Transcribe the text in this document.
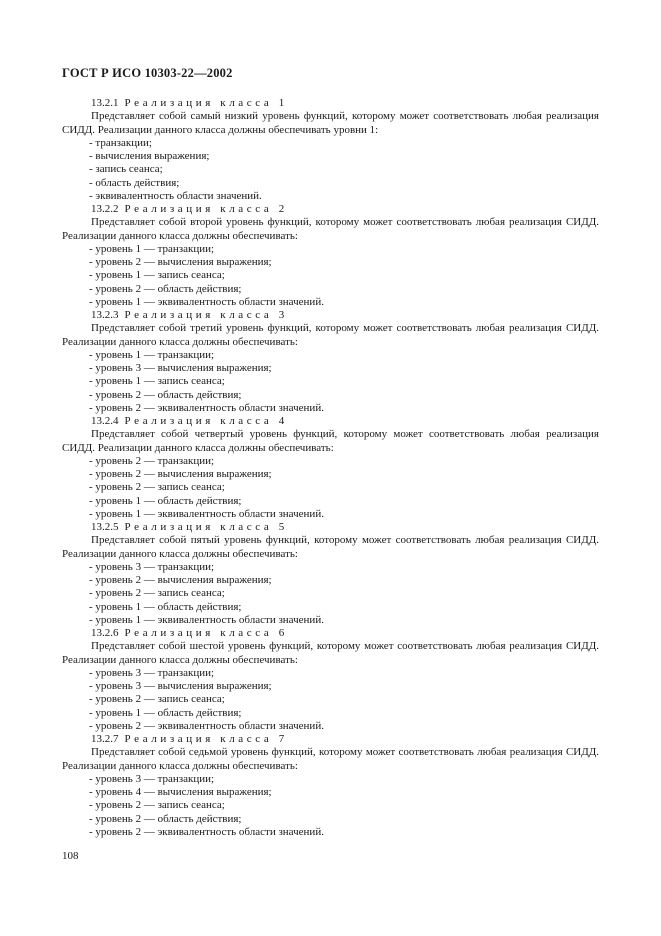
ГОСТ Р ИСО 10303-22—2002
13.2.1 Реализация класса 1

Представляет собой самый низкий уровень функций, которому может соответствовать любая реализация СИДД. Реализации данного класса должны обеспечивать уровни 1:

- транзакции;
- вычисления выражения;
- запись сеанса;
- область действия;
- эквивалентность области значений.
13.2.2 Реализация класса 2

Представляет собой второй уровень функций, которому может соответствовать любая реализация СИДД. Реализации данного класса должны обеспечивать:

- уровень 1 — транзакции;
- уровень 2 — вычисления выражения;
- уровень 1 — запись сеанса;
- уровень 2 — область действия;
- уровень 1 — эквивалентность области значений.
13.2.3 Реализация класса 3

Представляет собой третий уровень функций, которому может соответствовать любая реализация СИДД. Реализации данного класса должны обеспечивать:

- уровень 1 — транзакции;
- уровень 3 — вычисления выражения;
- уровень 1 — запись сеанса;
- уровень 2 — область действия;
- уровень 2 — эквивалентность области значений.
13.2.4 Реализация класса 4

Представляет собой четвертый уровень функций, которому может соответствовать любая реализация СИДД. Реализации данного класса должны обеспечивать:

- уровень 2 — транзакции;
- уровень 2 — вычисления выражения;
- уровень 2 — запись сеанса;
- уровень 1 — область действия;
- уровень 1 — эквивалентность области значений.
13.2.5 Реализация класса 5

Представляет собой пятый уровень функций, которому может соответствовать любая реализация СИДД. Реализации данного класса должны обеспечивать:

- уровень 3 — транзакции;
- уровень 2 — вычисления выражения;
- уровень 2 — запись сеанса;
- уровень 1 — область действия;
- уровень 1 — эквивалентность области значений.
13.2.6 Реализация класса 6

Представляет собой шестой уровень функций, которому может соответствовать любая реализация СИДД. Реализации данного класса должны обеспечивать:

- уровень 3 — транзакции;
- уровень 3 — вычисления выражения;
- уровень 2 — запись сеанса;
- уровень 1 — область действия;
- уровень 2 — эквивалентность области значений.
13.2.7 Реализация класса 7

Представляет собой седьмой уровень функций, которому может соответствовать любая реализация СИДД. Реализации данного класса должны обеспечивать:

- уровень 3 — транзакции;
- уровень 4 — вычисления выражения;
- уровень 2 — запись сеанса;
- уровень 2 — область действия;
- уровень 2 — эквивалентность области значений.
108
